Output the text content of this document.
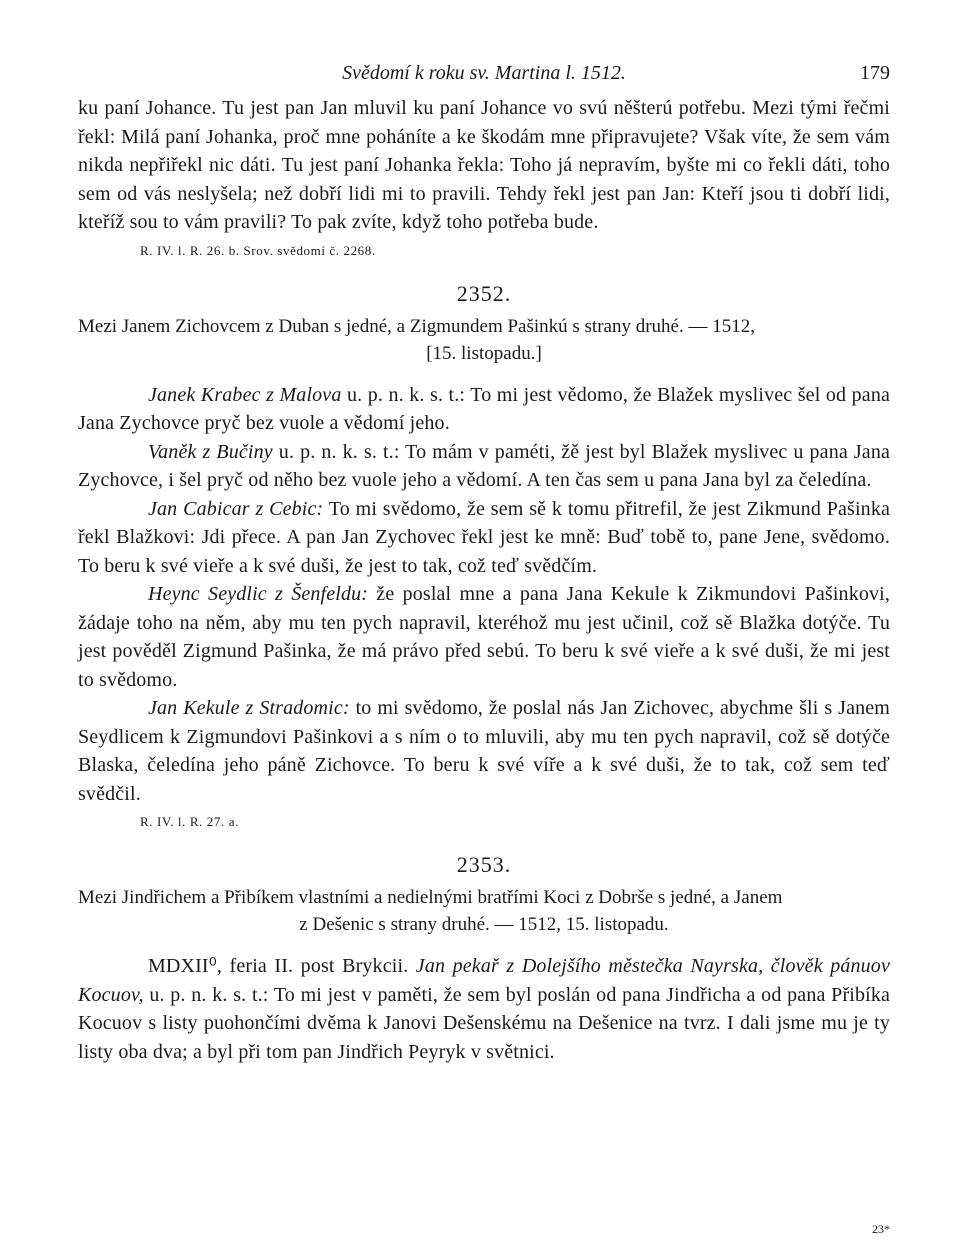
Svědomí k roku sv. Martina l. 1512.	179

ku paní Johance. Tu jest pan Jan mluvil ku paní Johance vo svú něšterú potřebu. Mezi tými řečmi řekl: Milá paní Johanka, proč mne poháníte a ke škodám mne připravujete? Však víte, že sem vám nikda nepřiřekl nic dáti. Tu jest paní Johanka řekla: Toho já nepravím, byšte mi co řekli dáti, toho sem od vás neslyšela; než dobří lidi mi to pravili. Tehdy řekl jest pan Jan: Kteří jsou ti dobří lidi, kteříž sou to vám pravili? To pak zvíte, když toho potřeba bude.

R. IV. l. R. 26. b. Srov. svědomí č. 2268.
2352.
Mezi Janem Zichovcem z Duban s jedné, a Zigmundem Pašinkú s strany druhé. — 1512,
[15. listopadu.]

Janek Krabec z Malova u. p. n. k. s. t.: To mi jest vědomo, že Blažek myslivec šel od pana Jana Zychovce pryč bez vuole a vědomí jeho.

Vaněk z Bučiny u. p. n. k. s. t.: To mám v paméti, žě jest byl Blažek myslivec u pana Jana Zychovce, i šel pryč od něho bez vuole jeho a vědomí. A ten čas sem u pana Jana byl za čeledína.

Jan Cabicar z Cebic: To mi svědomo, že sem sě k tomu přitrefil, že jest Zikmund Pašinka řekl Blažkovi: Jdi přece. A pan Jan Zychovec řekl jest ke mně: Buď tobě to, pane Jene, svědomo. To beru k své vieře a k své duši, že jest to tak, což teď svědčím.

Heync Seydlic z Šenfeldu: že poslal mne a pana Jana Kekule k Zikmundovi Pašinkovi, žádaje toho na něm, aby mu ten pych napravil, kteréhož mu jest učinil, což sě Blažka dotýče. Tu jest pověděl Zigmund Pašinka, že má právo před sebú. To beru k své vieře a k své duši, že mi jest to svědomo.

Jan Kekule z Stradomic: to mi svědomo, že poslal nás Jan Zichovec, abychme šli s Janem Seydlicem k Zigmundovi Pašinkovi a s ním o to mluvili, aby mu ten pych napravil, což sě dotýče Blaska, čeledína jeho páně Zichovce. To beru k své víře a k své duši, že to tak, což sem teď svědčil.

R. IV. l. R. 27. a.
2353.
Mezi Jindřichem a Přibíkem vlastními a nedielnými bratřími Koci z Dobrše s jedné, a Janem
z Dešenic s strany druhé. — 1512, 15. listopadu.

MDXII⁰, feria II. post Brykcii. Jan pekař z Dolejšího městečka Nayrska, člověk pánuov Kocuov, u. p. n. k. s. t.: To mi jest v paměti, že sem byl poslán od pana Jindřicha a od pana Přibíka Kocuov s listy puohončími dvěma k Janovi Dešenskému na Dešenice na tvrz. I dali jsme mu je ty listy oba dva; a byl při tom pan Jindřich Peyryk v světnici.

23*
